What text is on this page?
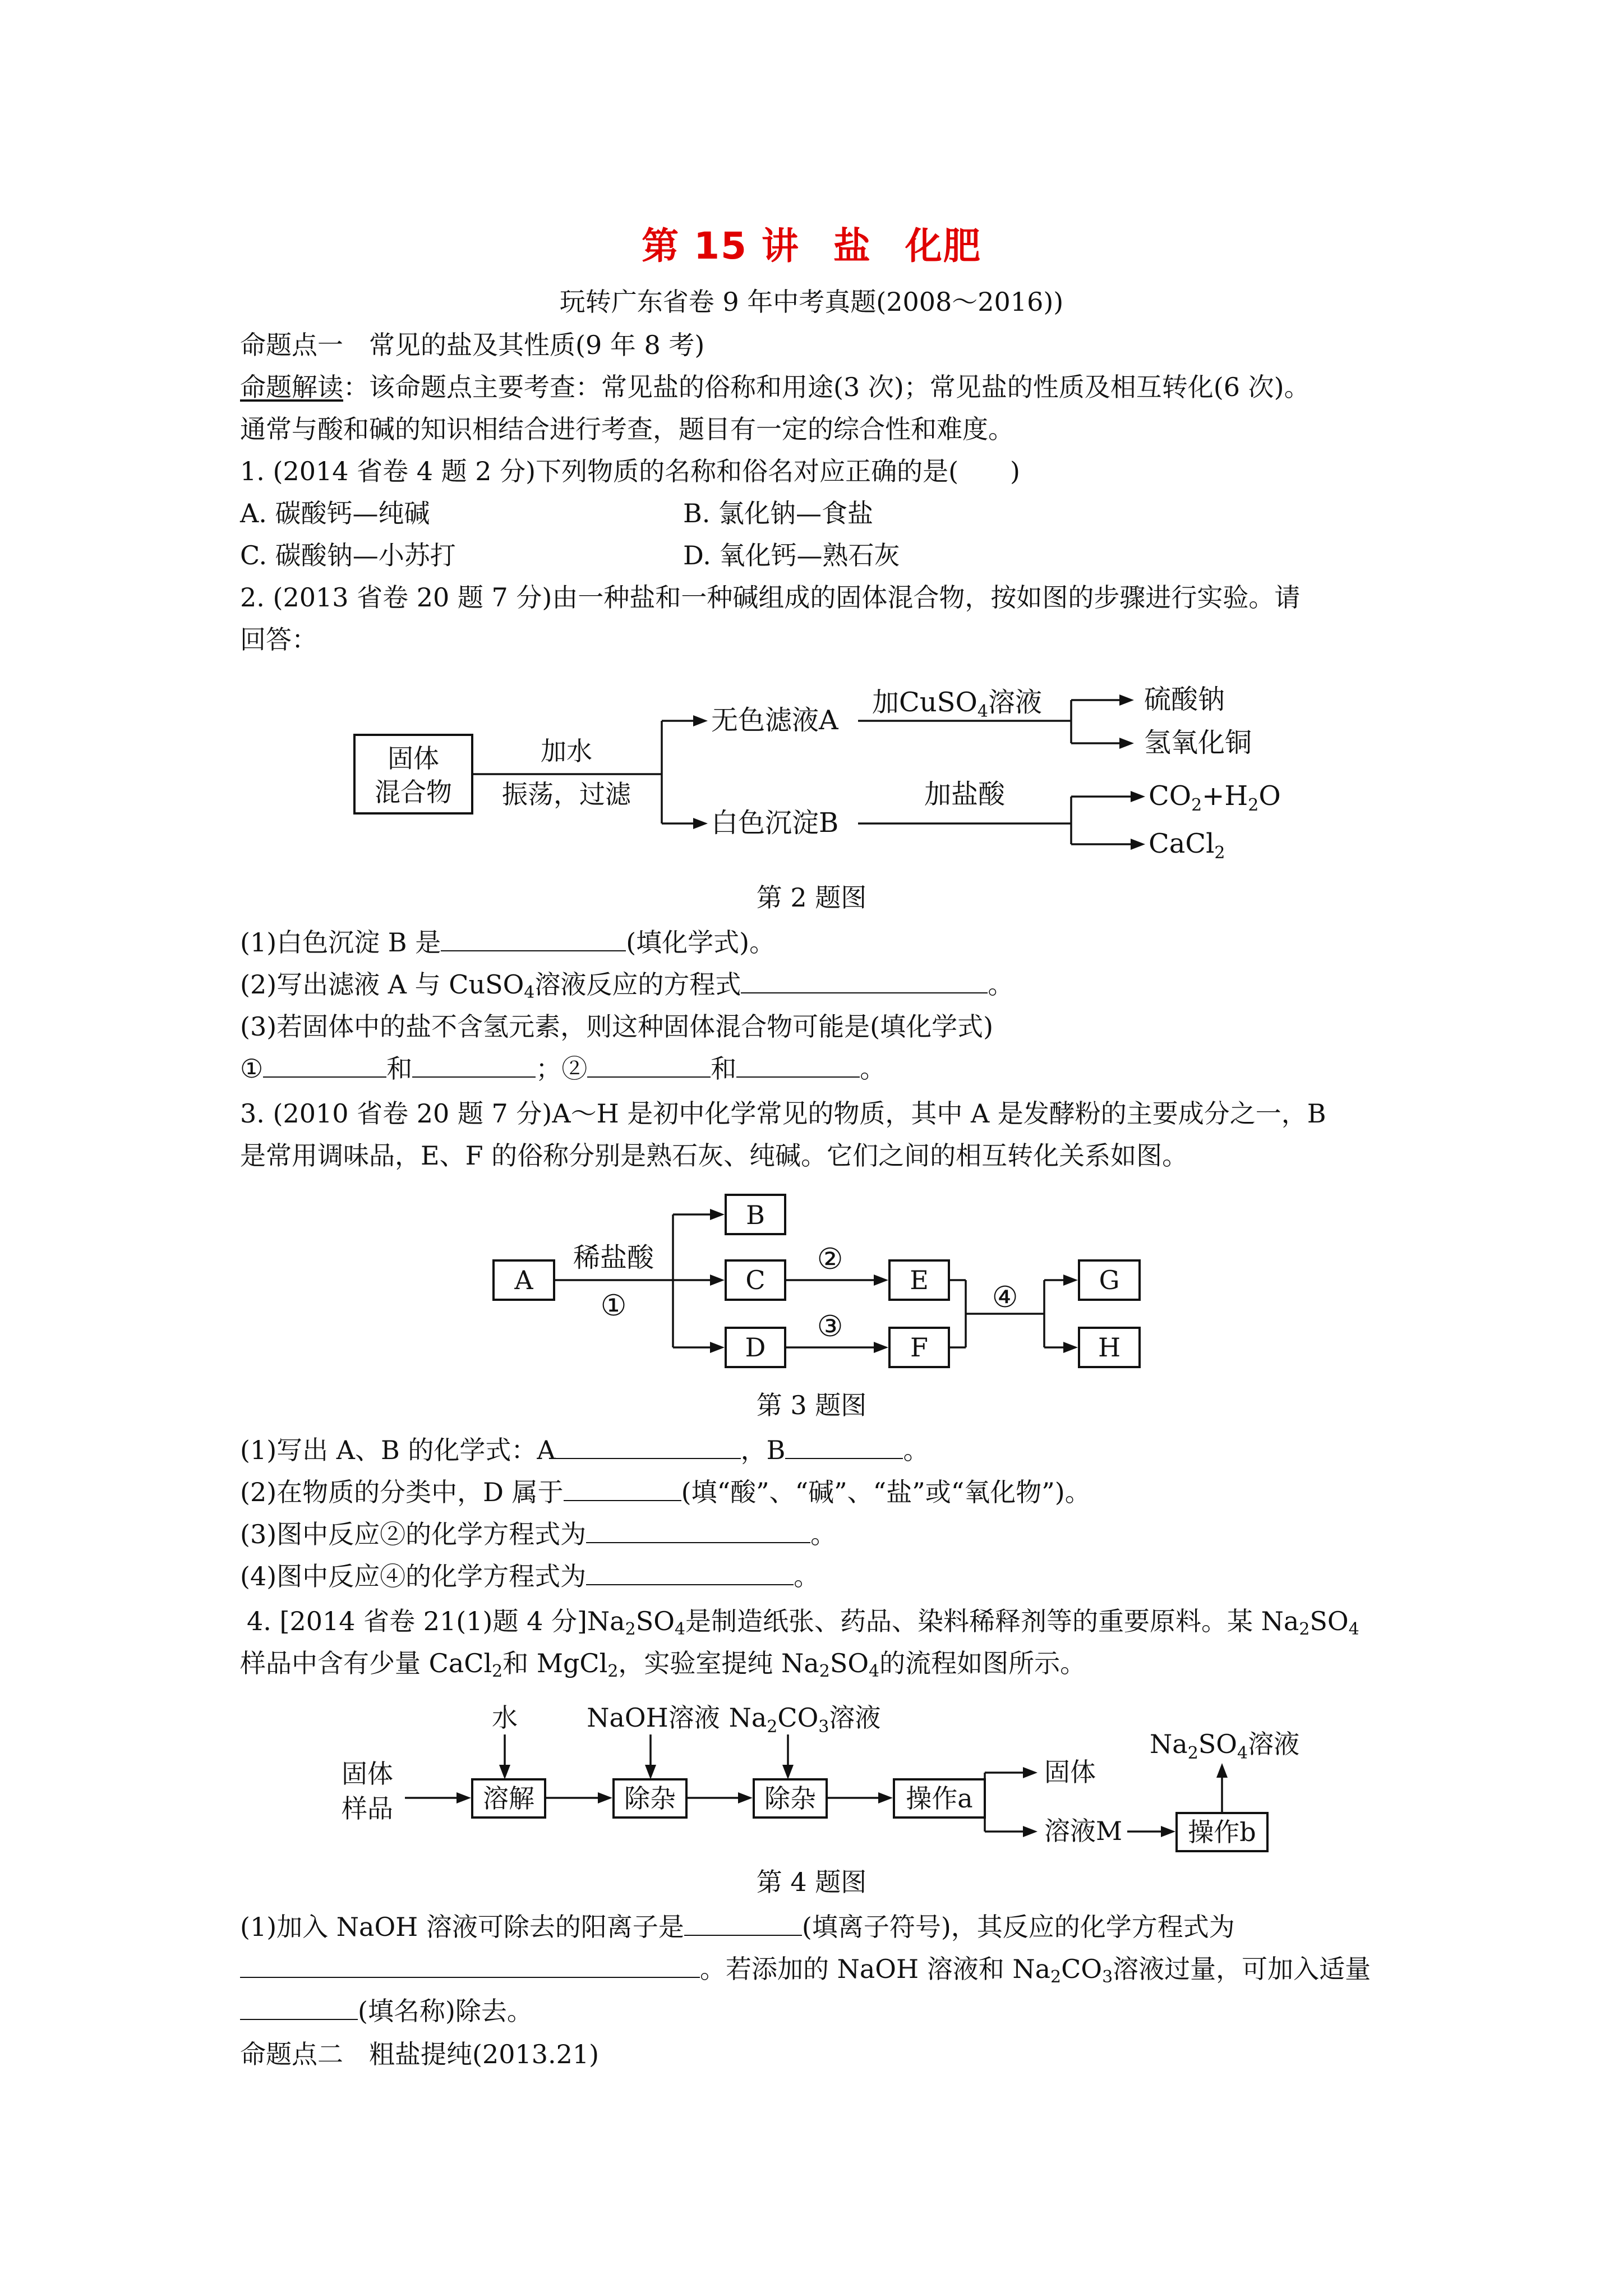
第 15 讲 盐 化肥
玩转广东省卷 9 年中考真题(2008～2016))
命题点一　常见的盐及其性质(9 年 8 考)
命题解读：该命题点主要考查：常见盐的俗称和用途(3 次)；常见盐的性质及相互转化(6 次)。
通常与酸和碱的知识相结合进行考查，题目有一定的综合性和难度。
1. (2014 省卷 4 题 2 分)下列物质的名称和俗名对应正确的是(　　)
A. 碳酸钙—纯碱	B. 氯化钠—食盐
C. 碳酸钠—小苏打	D. 氧化钙—熟石灰
2. (2013 省卷 20 题 7 分)由一种盐和一种碱组成的固体混合物，按如图的步骤进行实验。请
回答：
固体
混合物
加水
振荡，过滤
无色滤液A
白色沉淀B
加CuSO$_4$溶液	硫酸钠
氢氧化铜
加盐酸	$CO_2+H_2O$
CaCl$_2$
A
稀盐酸
①
B
C
D
②
③
E
F
④
G
H
水	NaOH溶液 $Na_2CO_3$溶液
固体
样品	溶解	除杂	除杂	操作a
固体
溶液M	操作b
$Na_2SO_4$溶液
第 2 题图
(1)白色沉淀 B 是	(填化学式)。
(2)写出滤液 A 与 CuSO$_4$溶液反应的方程式	。
(3)若固体中的盐不含氢元素，则这种固体混合物可能是(填化学式)
①	和	；②	和	。
3. (2010 省卷 20 题 7 分)A～H 是初中化学常见的物质，其中 A 是发酵粉的主要成分之一，B
是常用调味品，E、F 的俗称分别是熟石灰、纯碱。它们之间的相互转化关系如图。
第 3 题图
(1)写出 A、B 的化学式：A	，B	。
(2)在物质的分类中，D 属于	(填“酸”、“碱”、“盐”或“氧化物”)。
(3)图中反应②的化学方程式为	。
(4)图中反应④的化学方程式为	。
4. [2014 省卷 21(1)题 4 分]$Na_2SO_4$是制造纸张、药品、染料稀释剂等的重要原料。某 $Na_2SO_4$
样品中含有少量 CaCl$_2$和 MgCl$_2$，实验室提纯 $Na_2SO_4$的流程如图所示。
第 4 题图
(1)加入 NaOH 溶液可除去的阳离子是	(填离子符号)，其反应的化学方程式为
。若添加的 NaOH 溶液和 $Na_2CO_3$溶液过量，可加入适量
(填名称)除去。
命题点二　粗盐提纯(2013.21)
